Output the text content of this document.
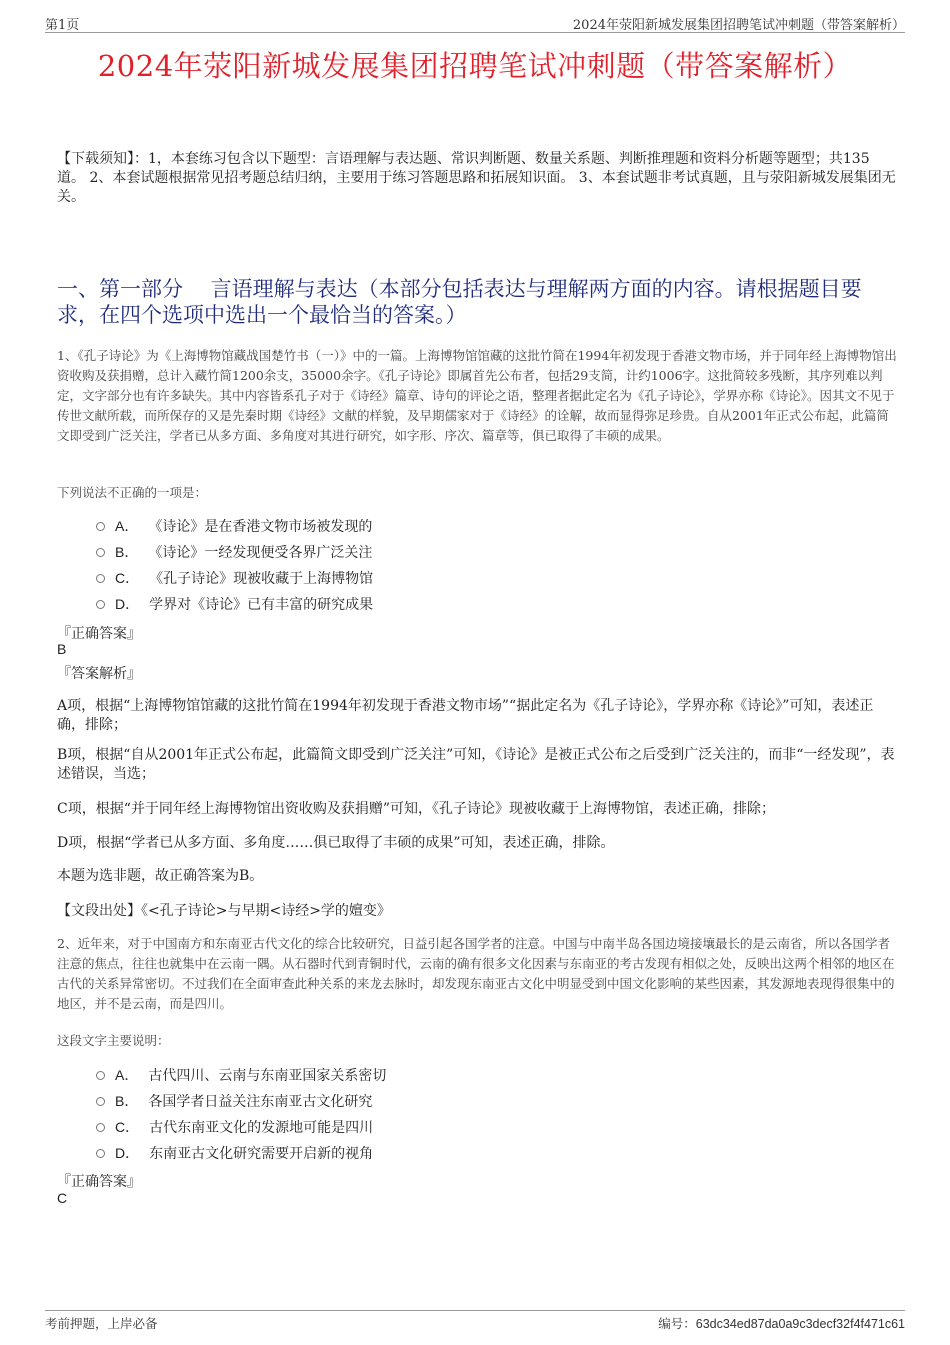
第1页	2024年荥阳新城发展集团招聘笔试冲刺题（带答案解析）
2024年荥阳新城发展集团招聘笔试冲刺题（带答案解析）
【下载须知】：1，本套练习包含以下题型：言语理解与表达题、常识判断题、数量关系题、判断推理题和资料分析题等题型；共135道。 2、本套试题根据常见招考题总结归纳，主要用于练习答题思路和拓展知识面。 3、本套试题非考试真题，且与荥阳新城发展集团无关。
一、第一部分　 言语理解与表达（本部分包括表达与理解两方面的内容。请根据题目要求，在四个选项中选出一个最恰当的答案。）
1、《孔子诗论》为《上海博物馆藏战国楚竹书（一）》中的一篇。上海博物馆馆藏的这批竹简在1994年初发现于香港文物市场，并于同年经上海博物馆出资收购及获捐赠，总计入藏竹简1200余支，35000余字。《孔子诗论》即属首先公布者，包括29支简，计约1006字。这批简较多残断，其序列难以判定，文字部分也有许多缺失。其中内容皆系孔子对于《诗经》篇章、诗句的评论之语，整理者据此定名为《孔子诗论》，学界亦称《诗论》。因其文不见于传世文献所载，而所保存的又是先秦时期《诗经》文献的样貌，及早期儒家对于《诗经》的诠解，故而显得弥足珍贵。自从2001年正式公布起，此篇简文即受到广泛关注，学者已从多方面、多角度对其进行研究，如字形、序次、篇章等，俱已取得了丰硕的成果。
下列说法不正确的一项是：
A． 《诗论》是在香港文物市场被发现的
B． 《诗论》一经发现便受各界广泛关注
C． 《孔子诗论》现被收藏于上海博物馆
D． 学界对《诗论》已有丰富的研究成果
『正确答案』
B
『答案解析』
A项，根据“上海博物馆馆藏的这批竹简在1994年初发现于香港文物市场”“据此定名为《孔子诗论》，学界亦称《诗论》”可知，表述正确，排除；
B项，根据“自从2001年正式公布起，此篇简文即受到广泛关注”可知，《诗论》是被正式公布之后受到广泛关注的，而非“一经发现”，表述错误，当选；
C项，根据“并于同年经上海博物馆出资收购及获捐赠”可知，《孔子诗论》现被收藏于上海博物馆，表述正确，排除；
D项，根据“学者已从多方面、多角度……俱已取得了丰硕的成果”可知，表述正确，排除。
本题为选非题，故正确答案为B。
【文段出处】《<孔子诗论>与早期<诗经>学的嬗变》
2、近年来，对于中国南方和东南亚古代文化的综合比较研究，日益引起各国学者的注意。中国与中南半岛各国边境接壤最长的是云南省，所以各国学者注意的焦点，往往也就集中在云南一隅。从石器时代到青铜时代，云南的确有很多文化因素与东南亚的考古发现有相似之处，反映出这两个相邻的地区在古代的关系异常密切。不过我们在全面审查此种关系的来龙去脉时，却发现东南亚古文化中明显受到中国文化影响的某些因素，其发源地表现得很集中的地区，并不是云南，而是四川。
这段文字主要说明：
A． 古代四川、云南与东南亚国家关系密切
B． 各国学者日益关注东南亚古文化研究
C． 古代东南亚文化的发源地可能是四川
D． 东南亚古文化研究需要开启新的视角
『正确答案』
C
考前押题，上岸必备	编号：63dc34ed87da0a9c3decf32f4f471c61
